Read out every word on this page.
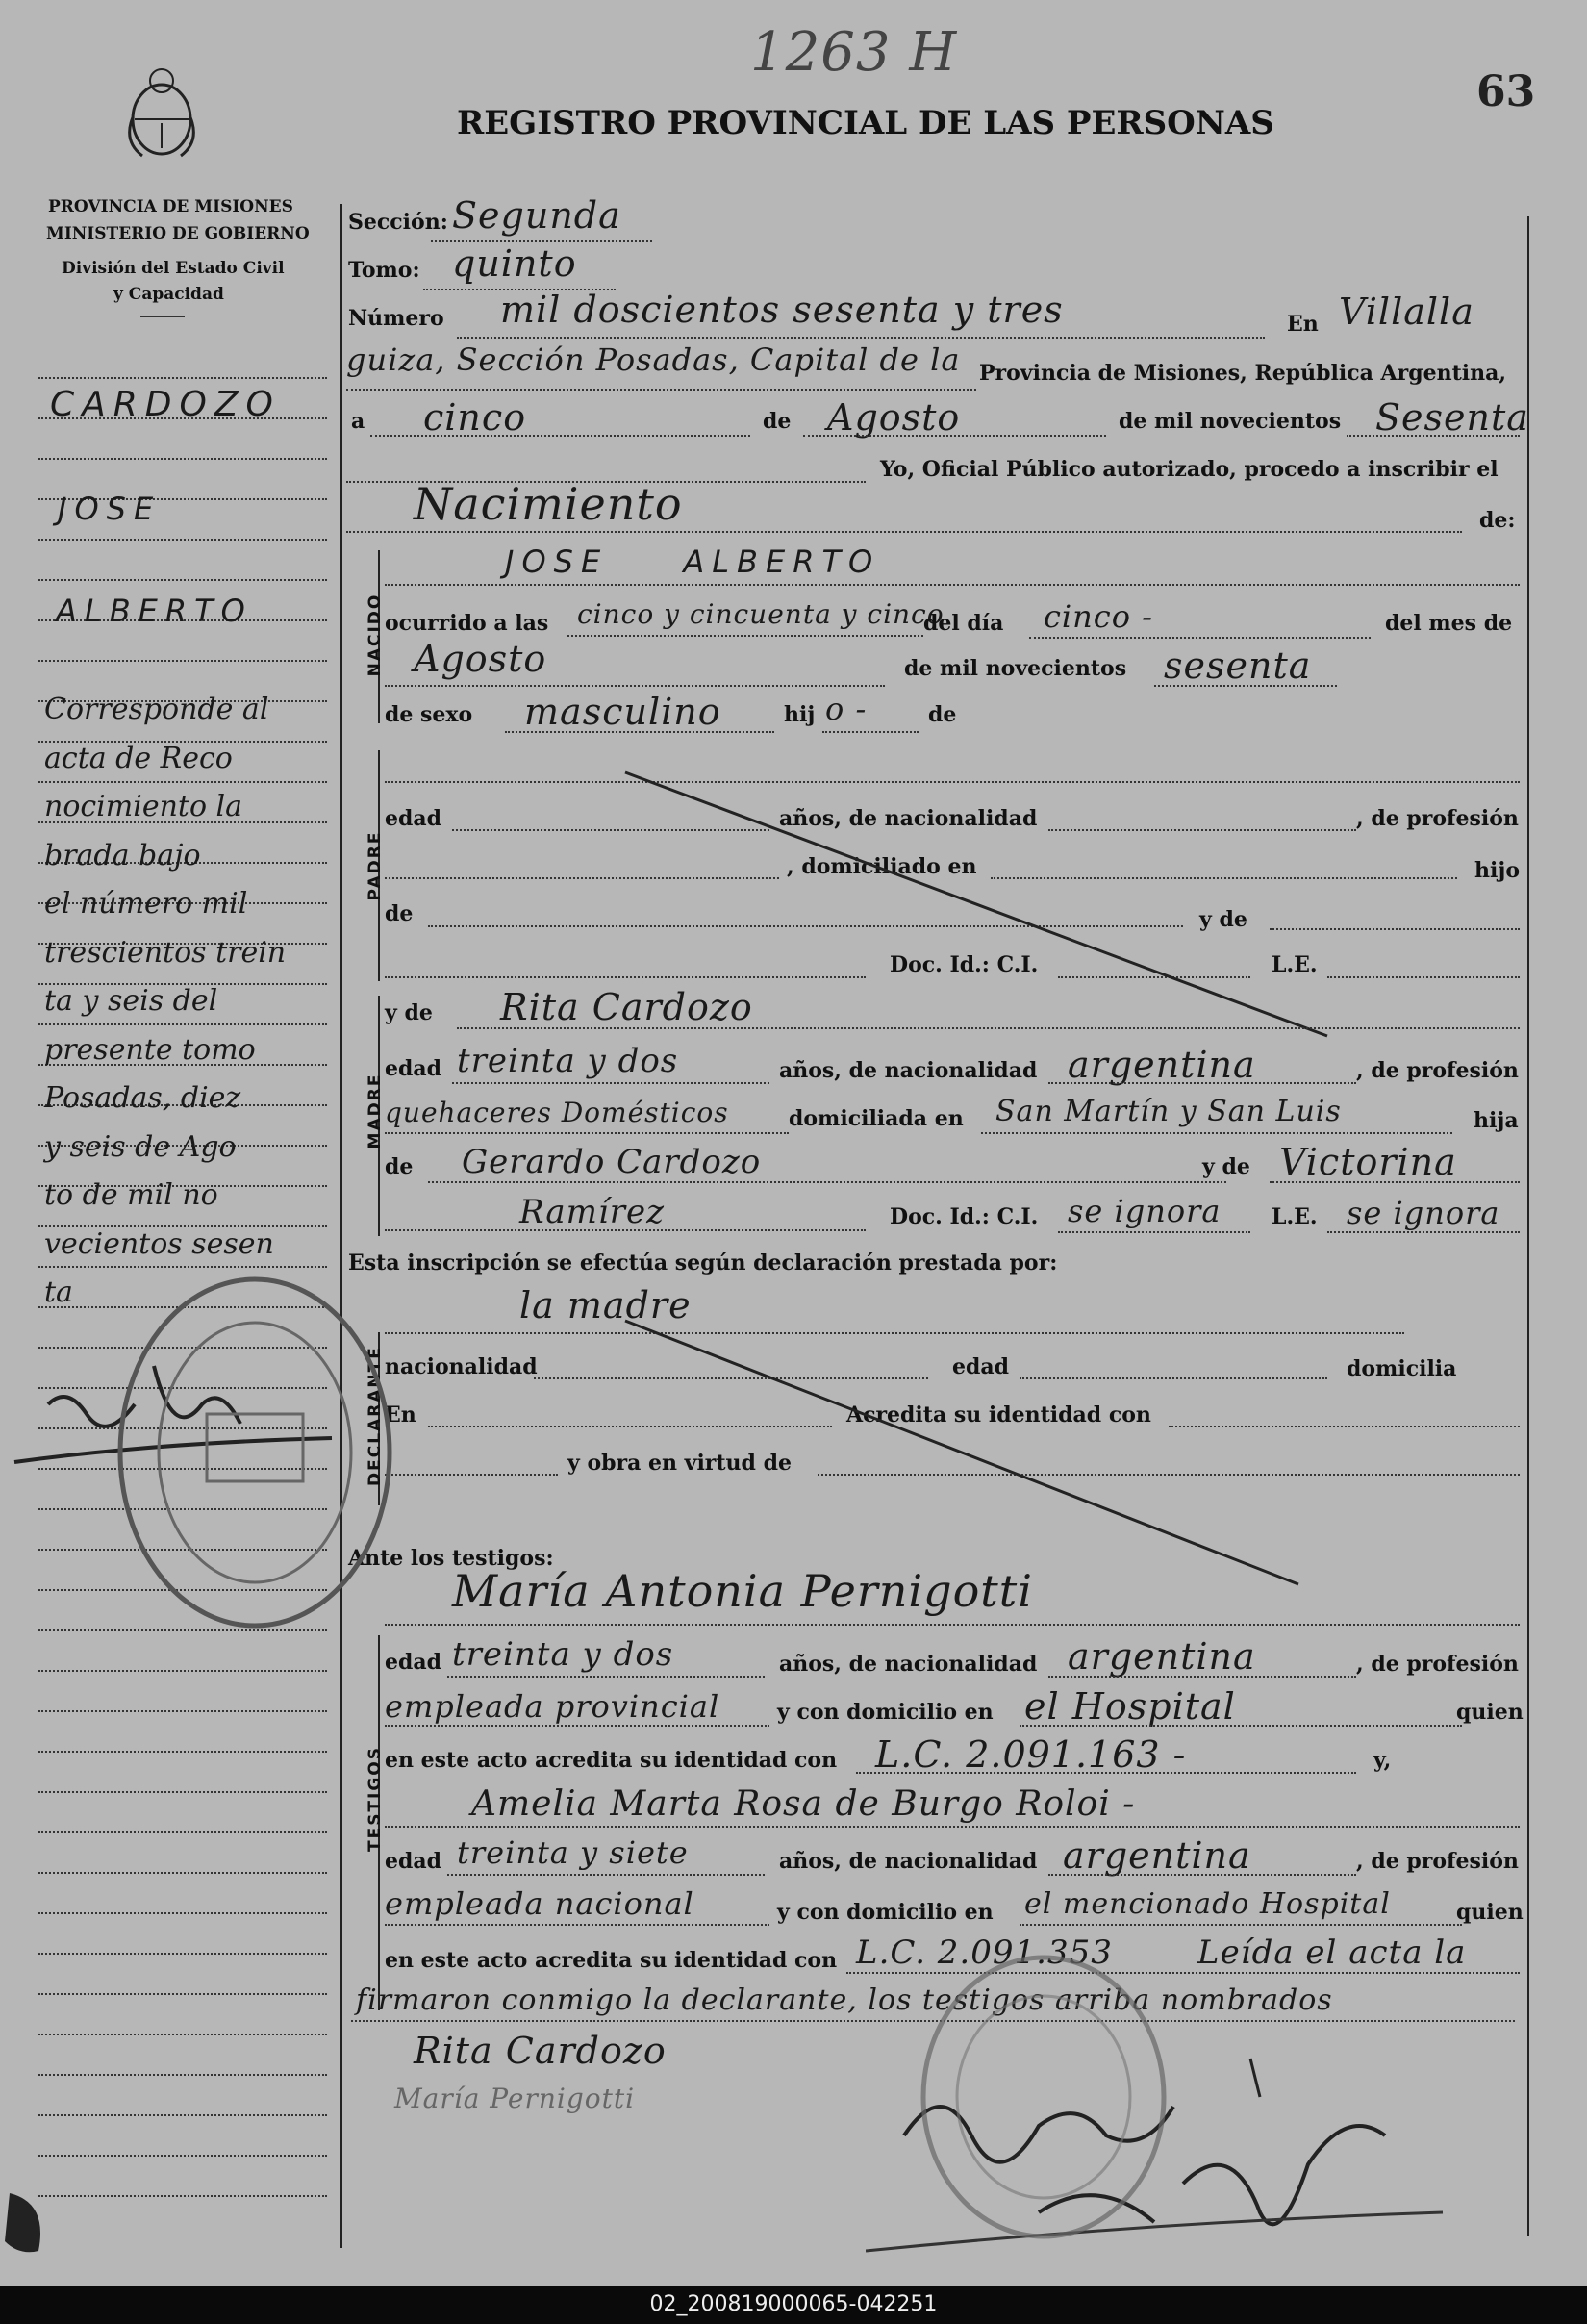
1263 H
63
REGISTRO PROVINCIAL DE LAS PERSONAS
PROVINCIA DE MISIONES
MINISTERIO DE GOBIERNO
División del Estado Civil
y Capacidad
CARDOZO
JOSE
ALBERTO
Corresponde al
acta de Reco
nocimiento la
brada bajo
el número mil
trescientos trein
ta y seis del
presente tomo
Posadas, diez
y seis de Ago
to de mil no
vecientos sesen
ta
NACIDO
PADRE
MADRE
DECLARANTE
TESTIGOS
Sección: Segunda
Tomo: quinto
Número mil doscientos sesenta y tres	En Villalla
guiza, Sección Posadas, Capital de la Provincia de Misiones, República Argentina,
a cinco	de Agosto	de mil novecientos Sesenta
Yo, Oficial Público autorizado, procedo a inscribir el
Nacimiento	de:
JOSE ALBERTO
ocurrido a las cinco y cincuenta y cinco
del día cinco -	del mes de
Agosto	de mil novecientos sesenta
de sexo masculino	hij o -	de
edad	años, de nacionalidad	, de profesión
, domiciliado en	hijo
de	y de
Doc. Id.: C.I.	L.E.
y de Rita Cardozo
edad treinta y dos	años, de nacionalidad argentina	, de profesión
quehaceres Domésticos	domiciliada en San Martín y San Luis	hija
de Gerardo Cardozo	y de Victorina
Ramírez	Doc. Id.: C.I. se ignora L.E. se ignora
Esta inscripción se efectúa según declaración prestada por:
la madre
nacionalidad	edad	domicilia
En	Acredita su identidad con
y obra en virtud de
Ante los testigos:
María Antonia Pernigotti
edad treinta y dos	años, de nacionalidad argentina	, de profesión
empleada provincial	y con domicilio en el Hospital	quien
en este acto acredita su identidad con L.C. 2.091.163 -	y,
Amelia Marta Rosa de Burgo Roloi -
edad treinta y siete	años, de nacionalidad argentina	, de profesión
empleada nacional	y con domicilio en el mencionado Hospital	quien
en este acto acredita su identidad con L.C. 2.091.353	Leída el acta la
firmaron conmigo la declarante, los testigos arriba nombrados
Rita Cardozo
María Pernigotti
02_200819000065-042251
